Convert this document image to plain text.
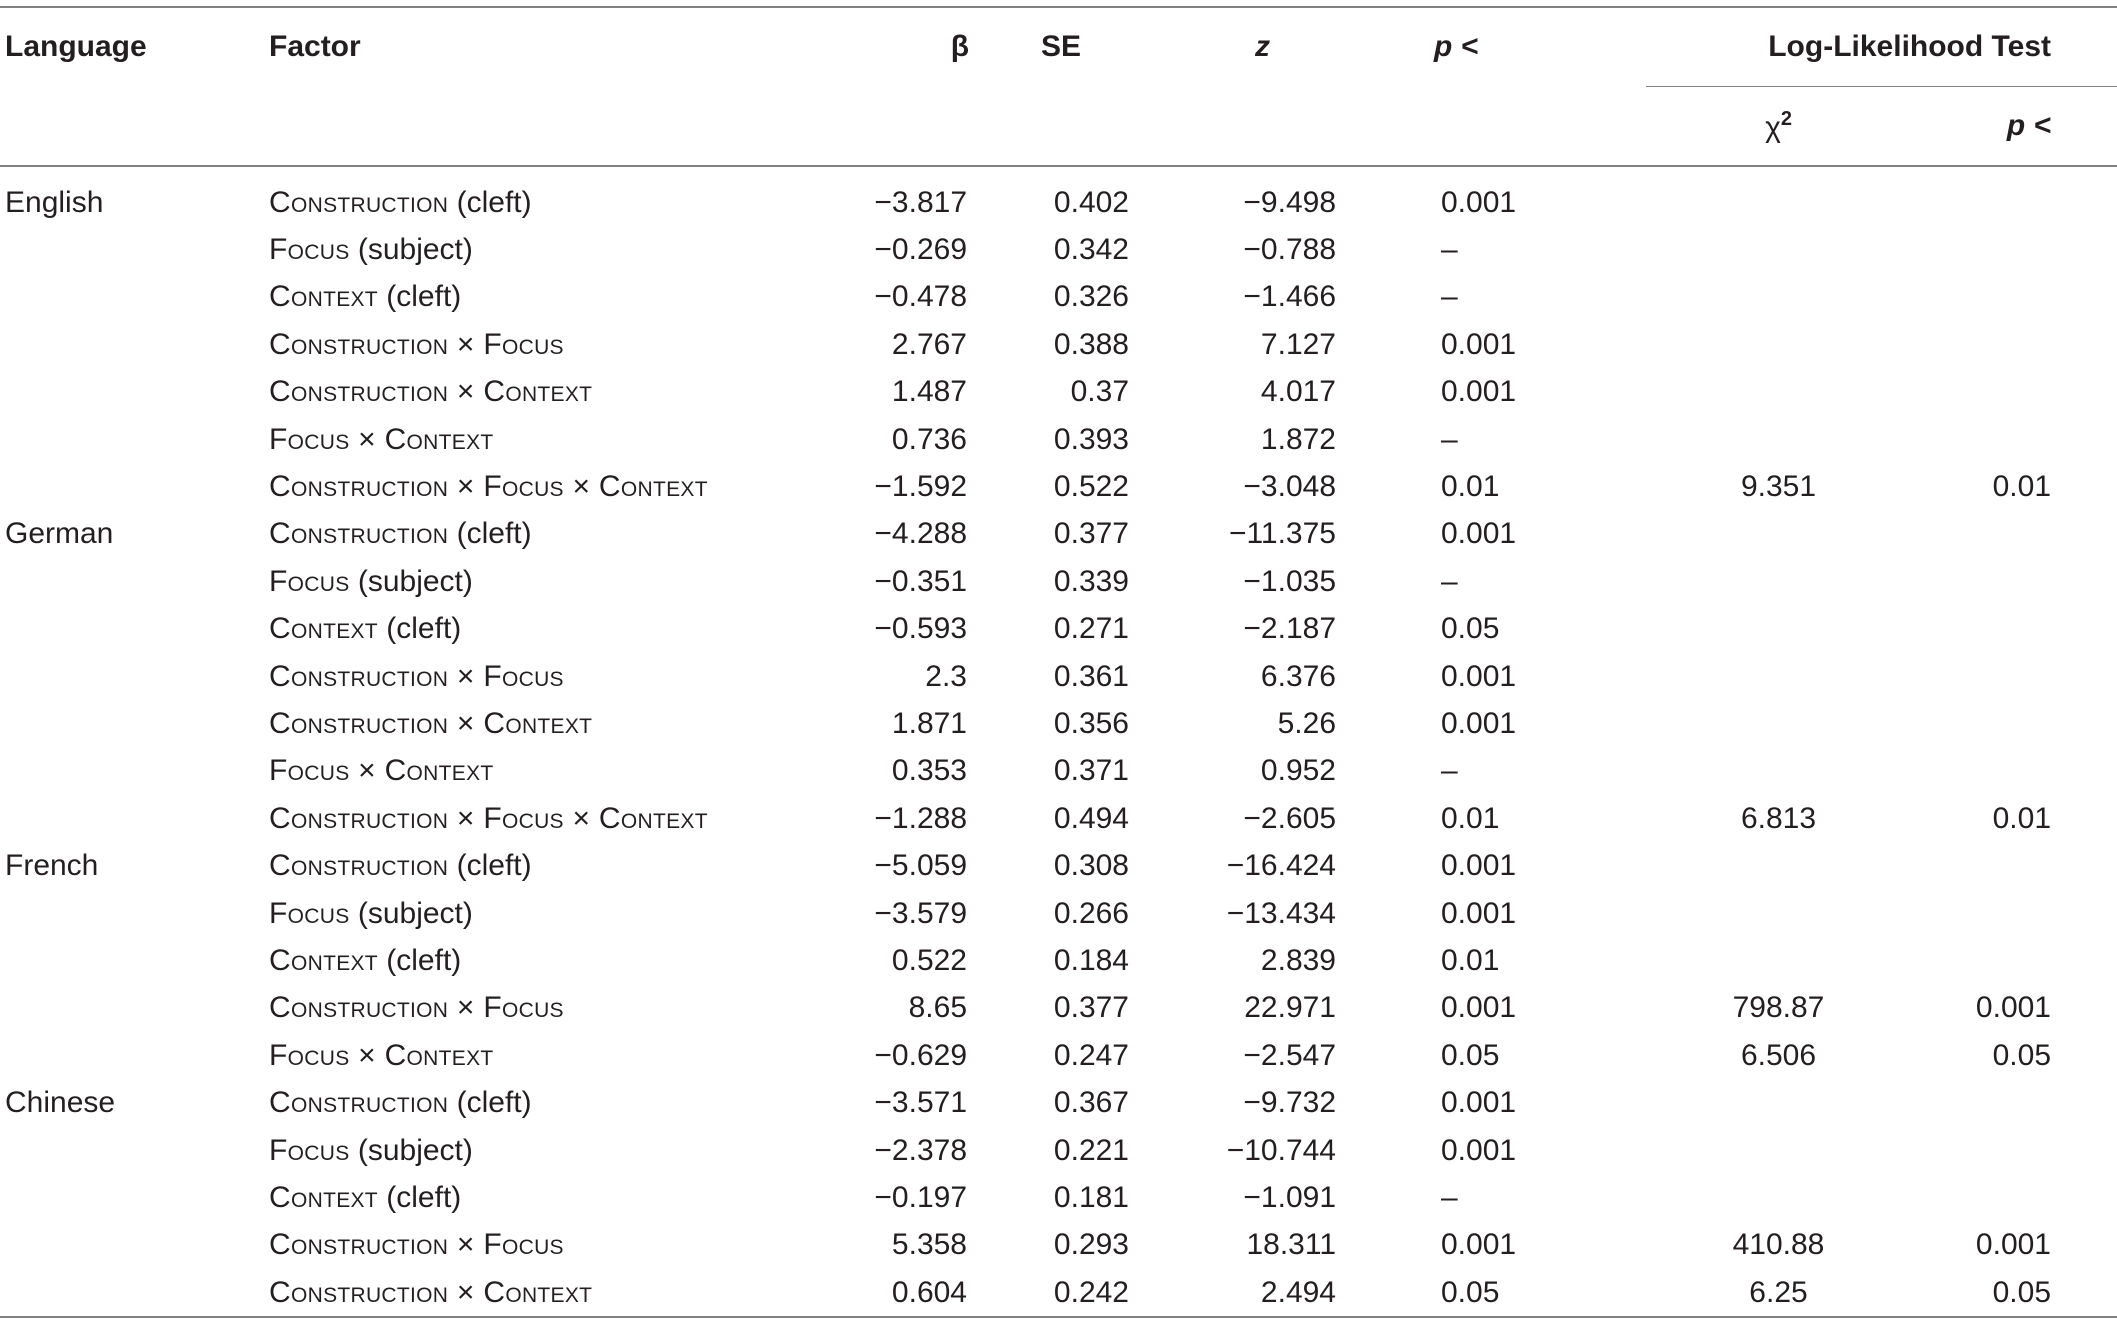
Language	Factor	β	SE	z	p <	Log-Likelihood Test	
						$\chi^2$	p <
English	Construction (cleft)	−3.817	0.402	−9.498	0.001		
	Focus (subject)	−0.269	0.342	−0.788	–		
	Context (cleft)	−0.478	0.326	−1.466	–		
	Construction × Focus	2.767	0.388	7.127	0.001		
	Construction × Context	1.487	0.37	4.017	0.001		
	Focus × Context	0.736	0.393	1.872	–		
	Construction × Focus × Context	−1.592	0.522	−3.048	0.01	9.351	0.01
German	Construction (cleft)	−4.288	0.377	−11.375	0.001		
	Focus (subject)	−0.351	0.339	−1.035	–		
	Context (cleft)	−0.593	0.271	−2.187	0.05		
	Construction × Focus	2.3	0.361	6.376	0.001		
	Construction × Context	1.871	0.356	5.26	0.001		
	Focus × Context	0.353	0.371	0.952	–		
	Construction × Focus × Context	−1.288	0.494	−2.605	0.01	6.813	0.01
French	Construction (cleft)	−5.059	0.308	−16.424	0.001		
	Focus (subject)	−3.579	0.266	−13.434	0.001		
	Context (cleft)	0.522	0.184	2.839	0.01		
	Construction × Focus	8.65	0.377	22.971	0.001	798.87	0.001
	Focus × Context	−0.629	0.247	−2.547	0.05	6.506	0.05
Chinese	Construction (cleft)	−3.571	0.367	−9.732	0.001		
	Focus (subject)	−2.378	0.221	−10.744	0.001		
	Context (cleft)	−0.197	0.181	−1.091	–		
	Construction × Focus	5.358	0.293	18.311	0.001	410.88	0.001
	Construction × Context	0.604	0.242	2.494	0.05	6.25	0.05
